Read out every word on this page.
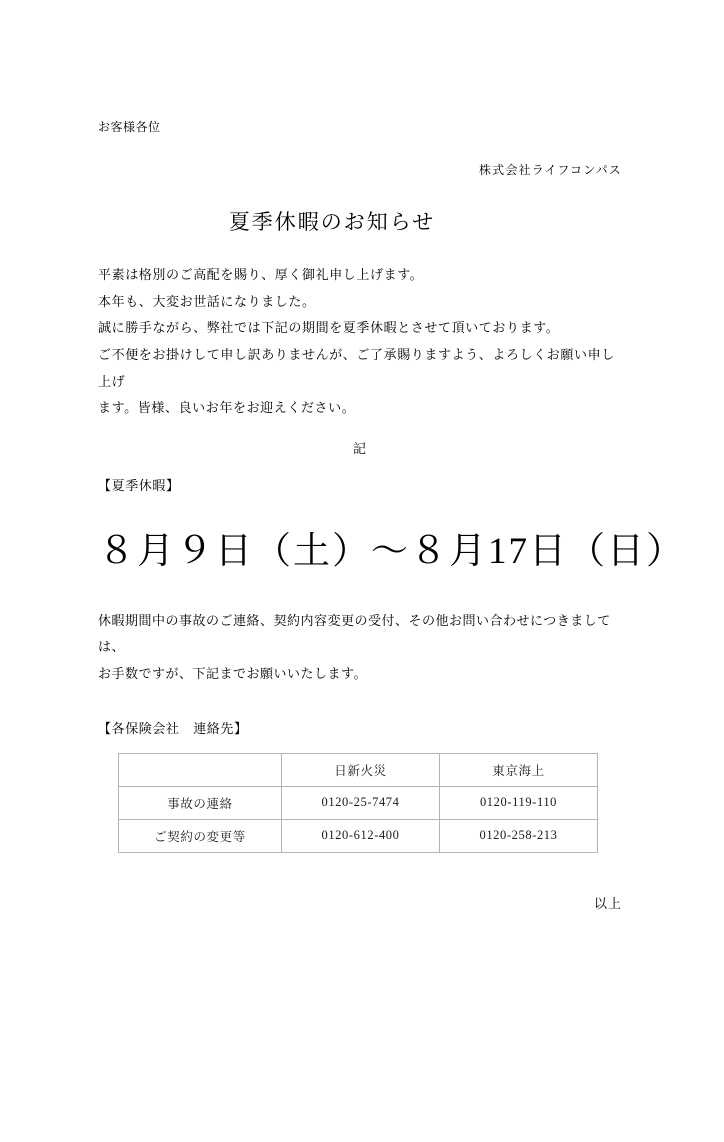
お客様各位
株式会社ライフコンパス
夏季休暇のお知らせ

平素は格別のご高配を賜り、厚く御礼申し上げます。

本年も、大変お世話になりました。

誠に勝手ながら、弊社では下記の期間を夏季休暇とさせて頂いております。

ご不便をお掛けして申し訳ありませんが、ご了承賜りますよう、よろしくお願い申し上げ

ます。皆様、良いお年をお迎えください。

記
【夏季休暇】
８月９日（土）〜８月17日（日）

休暇期間中の事故のご連絡、契約内容変更の受付、その他お問い合わせにつきましては、

お手数ですが、下記までお願いいたします。

【各保険会社　連絡先】
	日新火災	東京海上
事故の連絡	0120-25-7474	0120-119-110
ご契約の変更等	0120-612-400	0120-258-213
以上
